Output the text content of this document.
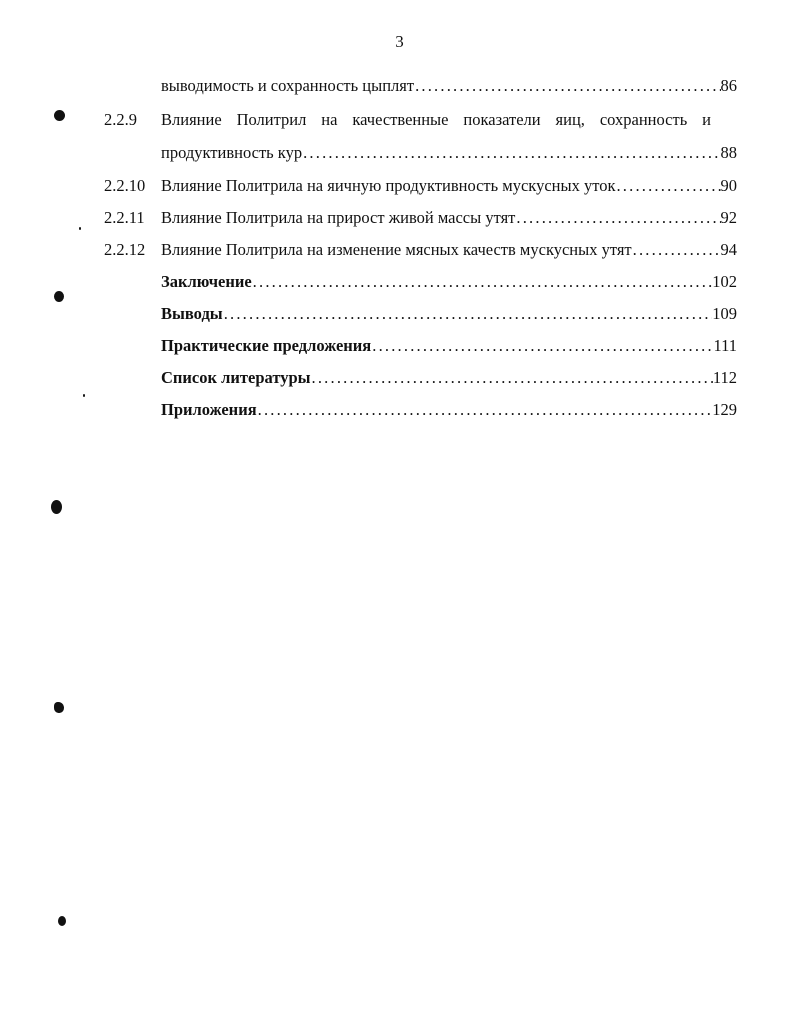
3
выводимость и сохранность цыплят .....	86
2.2.9 Влияние Политрил на качественные показатели яиц, сохранность и
продуктивность кур .....	88
2.2.10 Влияние Политрила на яичную продуктивность мускусных уток .....	90
2.2.11 Влияние Политрила на прирост живой массы утят .....	92
2.2.12 Влияние Политрила на изменение мясных качеств мускусных утят .....	94
Заключение .....	102
Выводы .....	109
Практические предложения .....	111
Список литературы .....	112
Приложения .....	129
